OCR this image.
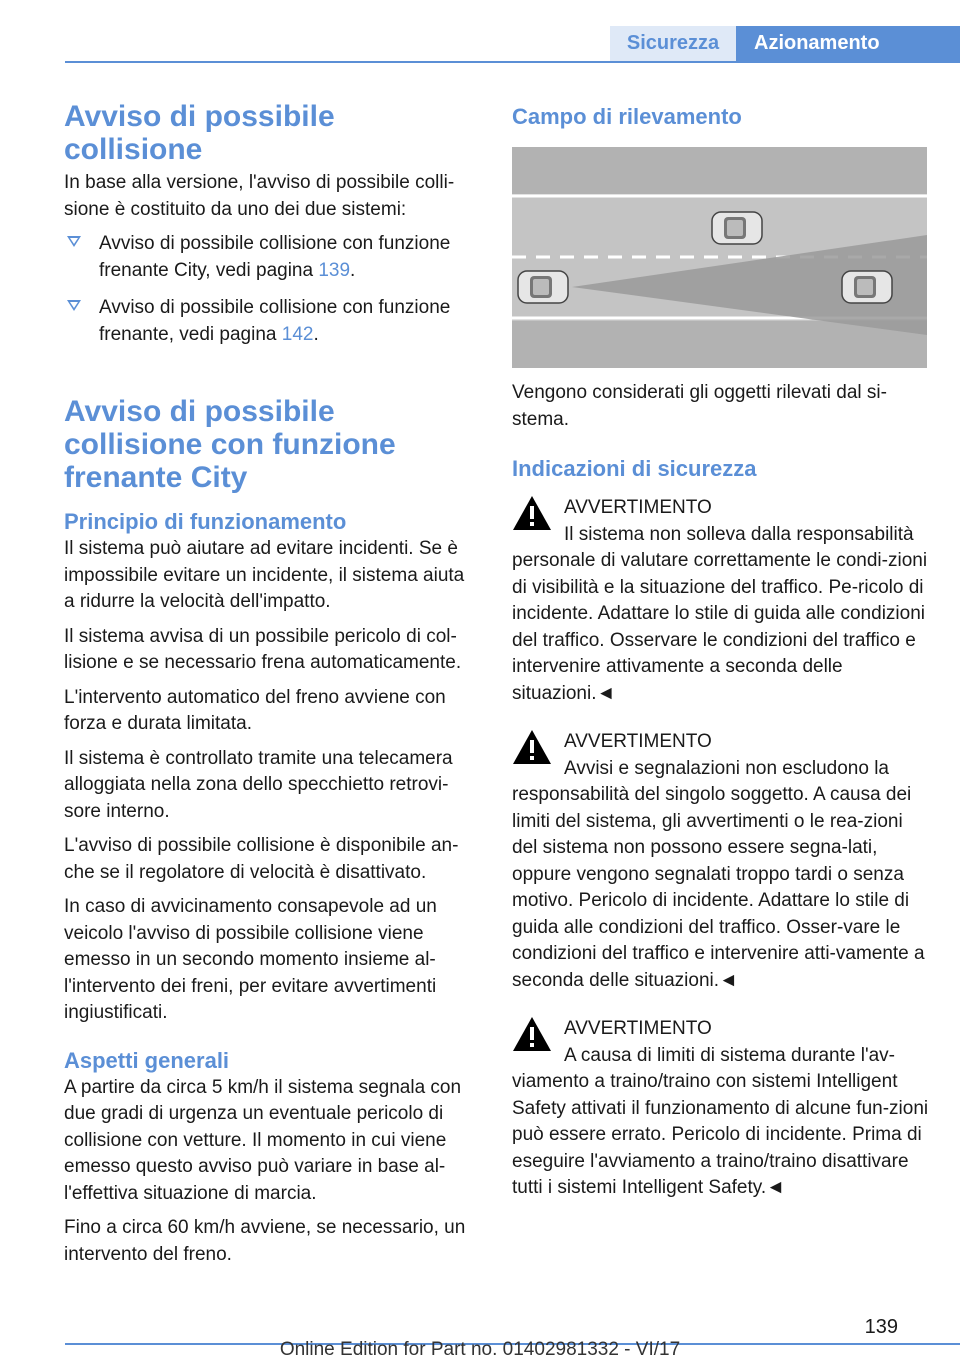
Sicurezza	Azionamento
Avviso di possibile collisione

In base alla versione, l'avviso di possibile colli-sione è costituito da uno dei due sistemi:

Avviso di possibile collisione con funzione frenante City, vedi pagina 139.
Avviso di possibile collisione con funzione frenante, vedi pagina 142.
Avviso di possibile collisione con funzione frenante City
Principio di funzionamento

Il sistema può aiutare ad evitare incidenti. Se è impossibile evitare un incidente, il sistema aiuta a ridurre la velocità dell'impatto.

Il sistema avvisa di un possibile pericolo di col-lisione e se necessario frena automaticamente.

L'intervento automatico del freno avviene con forza e durata limitata.

Il sistema è controllato tramite una telecamera alloggiata nella zona dello specchietto retrovi-sore interno.

L'avviso di possibile collisione è disponibile an-che se il regolatore di velocità è disattivato.

In caso di avvicinamento consapevole ad un veicolo l'avviso di possibile collisione viene emesso in un secondo momento insieme al-l'intervento dei freni, per evitare avvertimenti ingiustificati.

Aspetti generali

A partire da circa 5 km/h il sistema segnala con due gradi di urgenza un eventuale pericolo di collisione con vetture. Il momento in cui viene emesso questo avviso può variare in base al-l'effettiva situazione di marcia.

Fino a circa 60 km/h avviene, se necessario, un intervento del freno.

Campo di rilevamento

Vengono considerati gli oggetti rilevati dal si-stema.

Indicazioni di sicurezza

AVVERTIMENTO

Il sistema non solleva dalla responsabilità

personale di valutare correttamente le condi-zioni di visibilità e la situazione del traffico. Pe-ricolo di incidente. Adattare lo stile di guida alle condizioni del traffico. Osservare le condizioni del traffico e intervenire attivamente a seconda delle situazioni.◄

AVVERTIMENTO

Avvisi e segnalazioni non escludono la

responsabilità del singolo soggetto. A causa dei limiti del sistema, gli avvertimenti o le rea-zioni del sistema non possono essere segna-lati, oppure vengono segnalati troppo tardi o senza motivo. Pericolo di incidente. Adattare lo stile di guida alle condizioni del traffico. Osser-vare le condizioni del traffico e intervenire atti-vamente a seconda delle situazioni.◄

AVVERTIMENTO

A causa di limiti di sistema durante l'av-

viamento a traino/traino con sistemi Intelligent Safety attivati il funzionamento di alcune fun-zioni può essere errato. Pericolo di incidente. Prima di eseguire l'avviamento a traino/traino disattivare tutti i sistemi Intelligent Safety.◄

139
Online Edition for Part no. 01402981332 - VI/17
